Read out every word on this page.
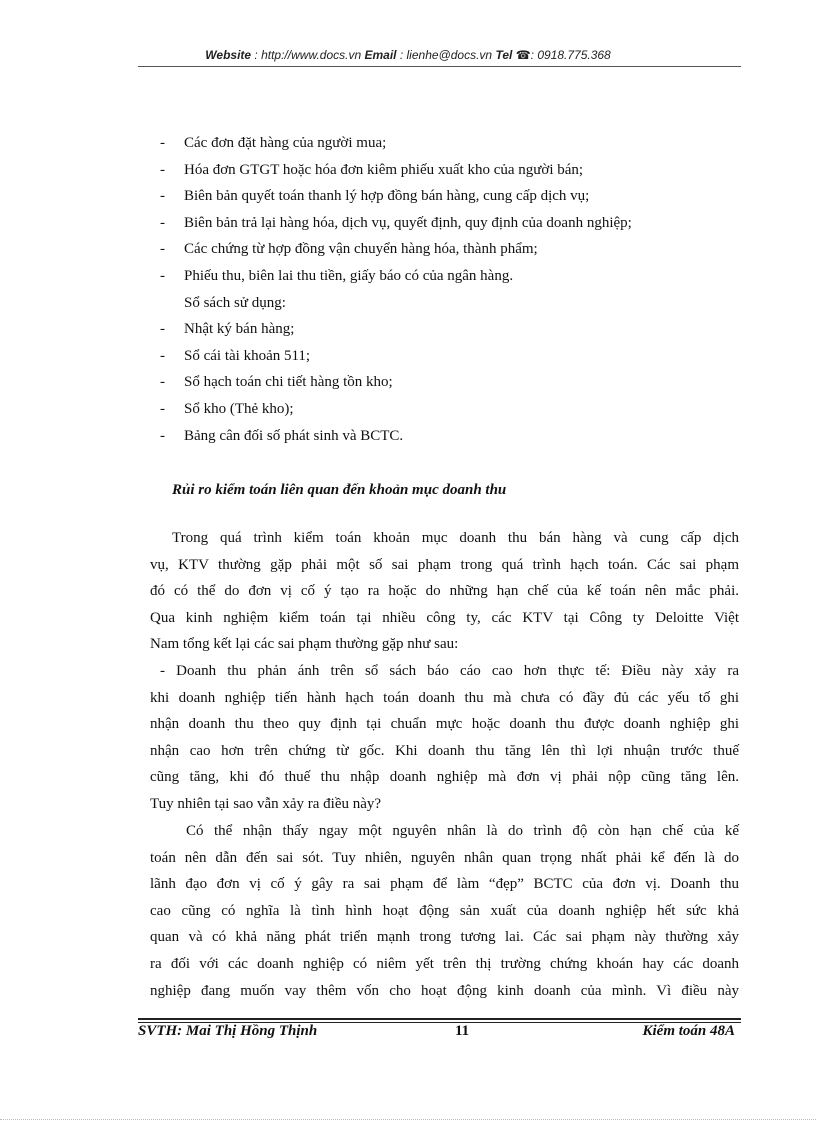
Website : http://www.docs.vn Email : lienhe@docs.vn Tel ☎: 0918.775.368
-	Các đơn đặt hàng của người mua;
-	Hóa đơn GTGT hoặc hóa đơn kiêm phiếu xuất kho của người bán;
-	Biên bản quyết toán thanh lý hợp đồng bán hàng, cung cấp dịch vụ;
-	Biên bản trả lại hàng hóa, dịch vụ, quyết định, quy định của doanh nghiệp;
-	Các chứng từ hợp đồng vận chuyển hàng hóa, thành phẩm;
-	Phiếu thu, biên lai thu tiền, giấy báo có của ngân hàng.
Sổ sách sử dụng:
-	Nhật ký bán hàng;
-	Sổ cái tài khoản 511;
-	Sổ hạch toán chi tiết hàng tồn kho;
-	Sổ kho (Thẻ kho);
-	Bảng cân đối số phát sinh và BCTC.
Rủi ro kiểm toán liên quan đến khoản mục doanh thu
Trong quá trình kiểm toán khoản mục doanh thu bán hàng và cung cấp dịch
vụ, KTV thường gặp phải một số sai phạm trong quá trình hạch toán. Các sai phạm
đó có thể do đơn vị cố ý tạo ra hoặc do những hạn chế của kế toán nên mắc phải.
Qua kinh nghiệm kiểm toán tại nhiều công ty, các KTV tại Công ty Deloitte Việt
Nam tổng kết lại các sai phạm thường gặp như sau:
- Doanh thu phản ánh trên sổ sách báo cáo cao hơn thực tế: Điều này xảy ra
khi doanh nghiệp tiến hành hạch toán doanh thu mà chưa có đầy đủ các yếu tố ghi
nhận doanh thu theo quy định tại chuẩn mực hoặc doanh thu được doanh nghiệp ghi
nhận cao hơn trên chứng từ gốc. Khi doanh thu tăng lên thì lợi nhuận trước thuế
cũng tăng, khi đó thuế thu nhập doanh nghiệp mà đơn vị phải nộp cũng tăng lên.
Tuy nhiên tại sao vẫn xảy ra điều này?
Có thể nhận thấy ngay một nguyên nhân là do trình độ còn hạn chế của kế
toán nên dẫn đến sai sót. Tuy nhiên, nguyên nhân quan trọng nhất phải kể đến là do
lãnh đạo đơn vị cố ý gây ra sai phạm để làm “đẹp” BCTC của đơn vị. Doanh thu
cao cũng có nghĩa là tình hình hoạt động sản xuất của doanh nghiệp hết sức khả
quan và có khả năng phát triển mạnh trong tương lai. Các sai phạm này thường xảy
ra đối với các doanh nghiệp có niêm yết trên thị trường chứng khoán hay các doanh
nghiệp đang muốn vay thêm vốn cho hoạt động kinh doanh của mình. Vì điều này
SVTH: Mai Thị Hồng Thịnh	11	Kiểm toán 48A
